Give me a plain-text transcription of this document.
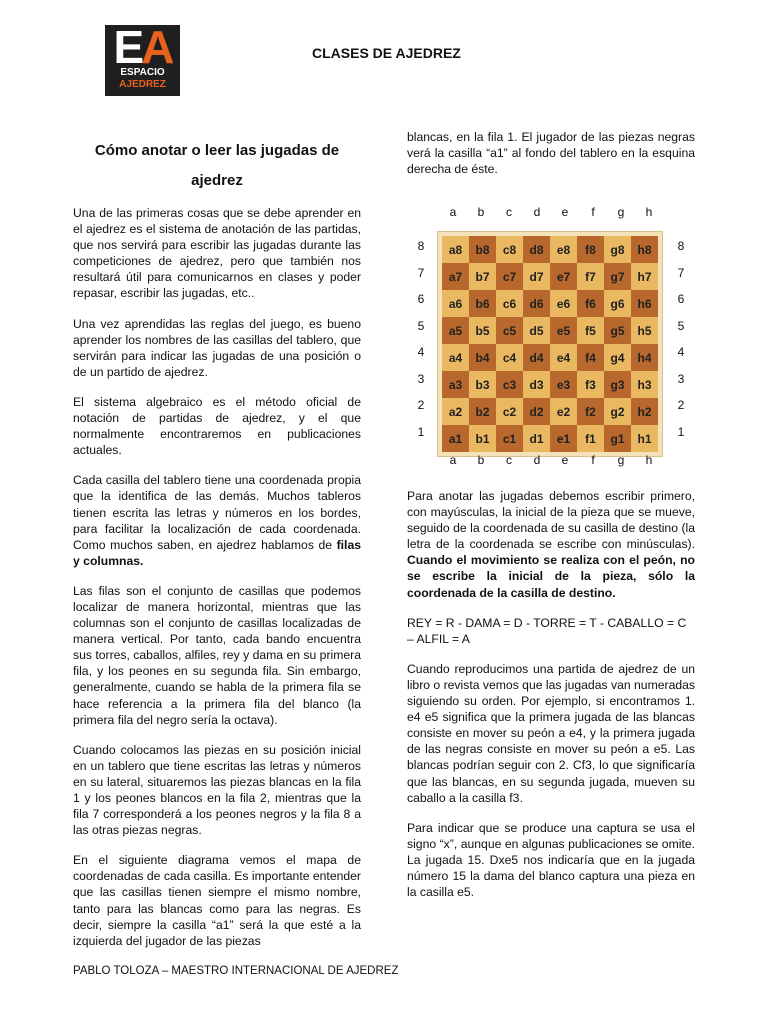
EA
ESPACIO
AJEDREZ
CLASES DE AJEDREZ
Cómo anotar o leer las jugadas de ajedrez

Una de las primeras cosas que se debe aprender en el ajedrez es el sistema de anotación de las partidas, que nos servirá para escribir las jugadas durante las competiciones de ajedrez, pero que también nos resultará útil para comunicarnos en clases y poder repasar, escribir las jugadas, etc..

Una vez aprendidas las reglas del juego, es bueno aprender los nombres de las casillas del tablero, que servirán para indicar las jugadas de una posición o de un partido de ajedrez.

El sistema algebraico es el método oficial de notación de partidas de ajedrez, y el que normalmente encontraremos en publicaciones actuales.

Cada casilla del tablero tiene una coordenada propia que la identifica de las demás. Muchos tableros tienen escrita las letras y números en los bordes, para facilitar la localización de cada coordenada. Como muchos saben, en ajedrez hablamos de filas y columnas.

Las filas son el conjunto de casillas que podemos localizar de manera horizontal, mientras que las columnas son el conjunto de casillas localizadas de manera vertical. Por tanto, cada bando encuentra sus torres, caballos, alfiles, rey y dama en su primera fila, y los peones en su segunda fila. Sin embargo, generalmente, cuando se habla de la primera fila se hace referencia a la primera fila del blanco (la primera fila del negro sería la octava).

Cuando colocamos las piezas en su posición inicial en un tablero que tiene escritas las letras y números en su lateral, situaremos las piezas blancas en la fila 1 y los peones blancos en la fila 2, mientras que la fila 7 corresponderá a los peones negros y la fila 8 a las otras piezas negras.

En el siguiente diagrama vemos el mapa de coordenadas de cada casilla. Es importante entender que las casillas tienen siempre el mismo nombre, tanto para las blancas como para las negras. Es decir, siempre la casilla “a1” será la que esté a la izquierda del jugador de las piezas

blancas, en la fila 1. El jugador de las piezas negras verá la casilla “a1” al fondo del tablero en la esquina derecha de éste.

a	b	c	d	e	f	g	h
8
7
6
5
4
3
2
1
a8	b8	c8	d8	e8	f8	g8	h8
a7	b7	c7	d7	e7	f7	g7	h7
a6	b6	c6	d6	e6	f6	g6	h6
a5	b5	c5	d5	e5	f5	g5	h5
a4	b4	c4	d4	e4	f4	g4	h4
a3	b3	c3	d3	e3	f3	g3	h3
a2	b2	c2	d2	e2	f2	g2	h2
a1	b1	c1	d1	e1	f1	g1	h1
8
7
6
5
4
3
2
1
a	b	c	d	e	f	g	h

Para anotar las jugadas debemos escribir primero, con mayúsculas, la inicial de la pieza que se mueve, seguido de la coordenada de su casilla de destino (la letra de la coordenada se escribe con minúsculas). Cuando el movimiento se realiza con el peón, no se escribe la inicial de la pieza, sólo la coordenada de la casilla de destino.

REY = R - DAMA = D - TORRE = T - CABALLO = C – ALFIL = A

Cuando reproducimos una partida de ajedrez de un libro o revista vemos que las jugadas van numeradas siguiendo su orden. Por ejemplo, si encontramos 1. e4 e5 significa que la primera jugada de las blancas consiste en mover su peón a e4, y la primera jugada de las negras consiste en mover su peón a e5. Las blancas podrían seguir con 2. Cf3, lo que significaría que las blancas, en su segunda jugada, mueven su caballo a la casilla f3.

Para indicar que se produce una captura se usa el signo “x”, aunque en algunas publicaciones se omite. La jugada 15. Dxe5 nos indicaría que en la jugada número 15 la dama del blanco captura una pieza en la casilla e5.

PABLO TOLOZA – MAESTRO INTERNACIONAL DE AJEDREZ
